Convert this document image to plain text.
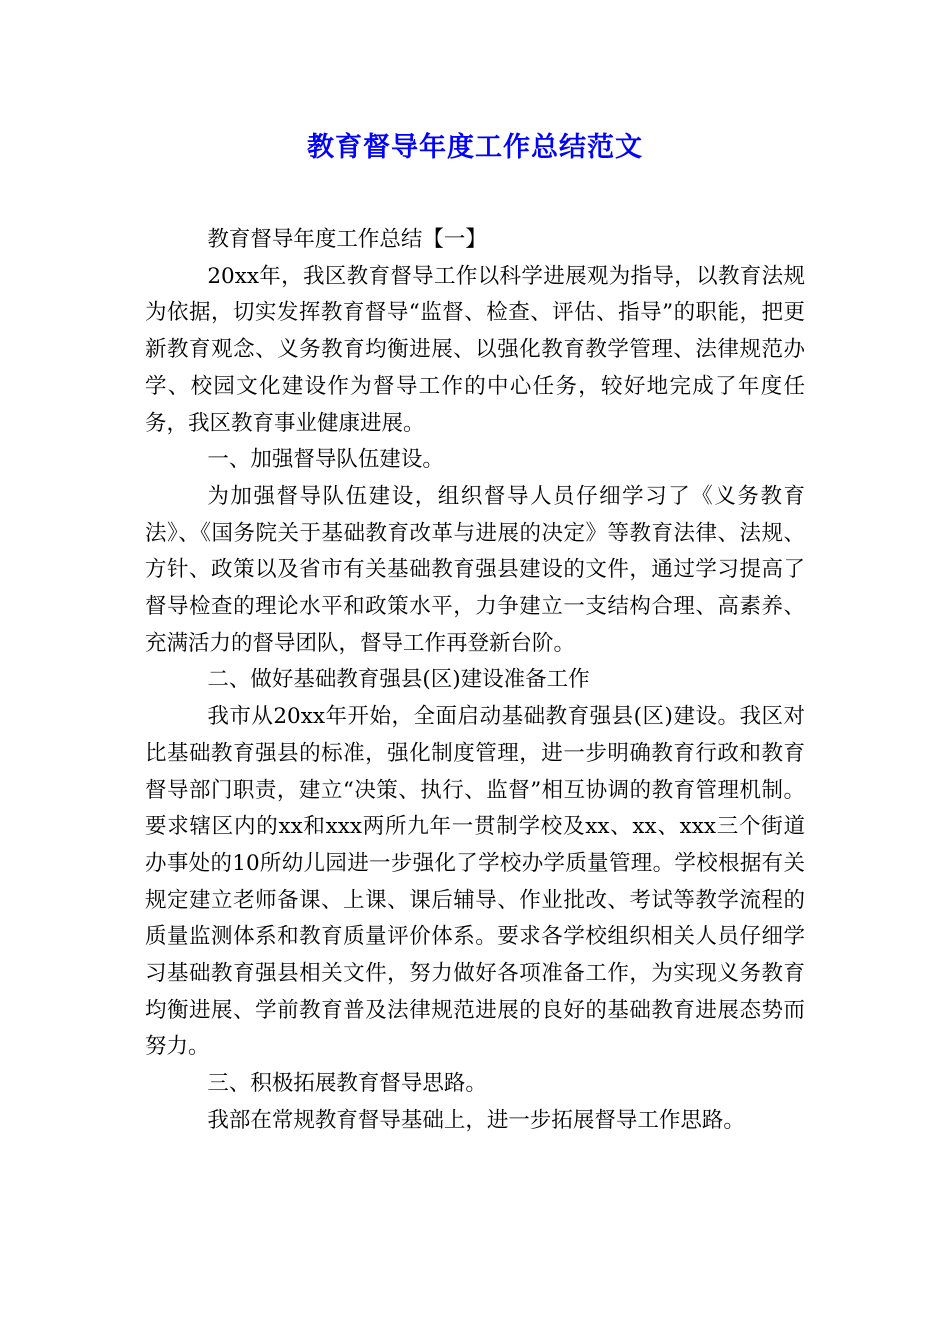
教育督导年度工作总结范文

教育督导年度工作总结【一】

20xx年，我区教育督导工作以科学进展观为指导，以教育法规为依据，切实发挥教育督导“监督、检查、评估、指导”的职能，把更新教育观念、义务教育均衡进展、以强化教育教学管理、法律规范办学、校园文化建设作为督导工作的中心任务，较好地完成了年度任务，我区教育事业健康进展。

一、加强督导队伍建设。

为加强督导队伍建设，组织督导人员仔细学习了《义务教育法》、《国务院关于基础教育改革与进展的决定》等教育法律、法规、方针、政策以及省市有关基础教育强县建设的文件，通过学习提高了督导检查的理论水平和政策水平，力争建立一支结构合理、高素养、充满活力的督导团队，督导工作再登新台阶。

二、做好基础教育强县(区)建设准备工作

我市从20xx年开始，全面启动基础教育强县(区)建设。我区对比基础教育强县的标准，强化制度管理，进一步明确教育行政和教育督导部门职责，建立“决策、执行、监督”相互协调的教育管理机制。要求辖区内的xx和xxx两所九年一贯制学校及xx、xx、xxx三个街道办事处的10所幼儿园进一步强化了学校办学质量管理。学校根据有关规定建立老师备课、上课、课后辅导、作业批改、考试等教学流程的质量监测体系和教育质量评价体系。要求各学校组织相关人员仔细学习基础教育强县相关文件，努力做好各项准备工作，为实现义务教育均衡进展、学前教育普及法律规范进展的良好的基础教育进展态势而努力。

三、积极拓展教育督导思路。

我部在常规教育督导基础上，进一步拓展督导工作思路。
